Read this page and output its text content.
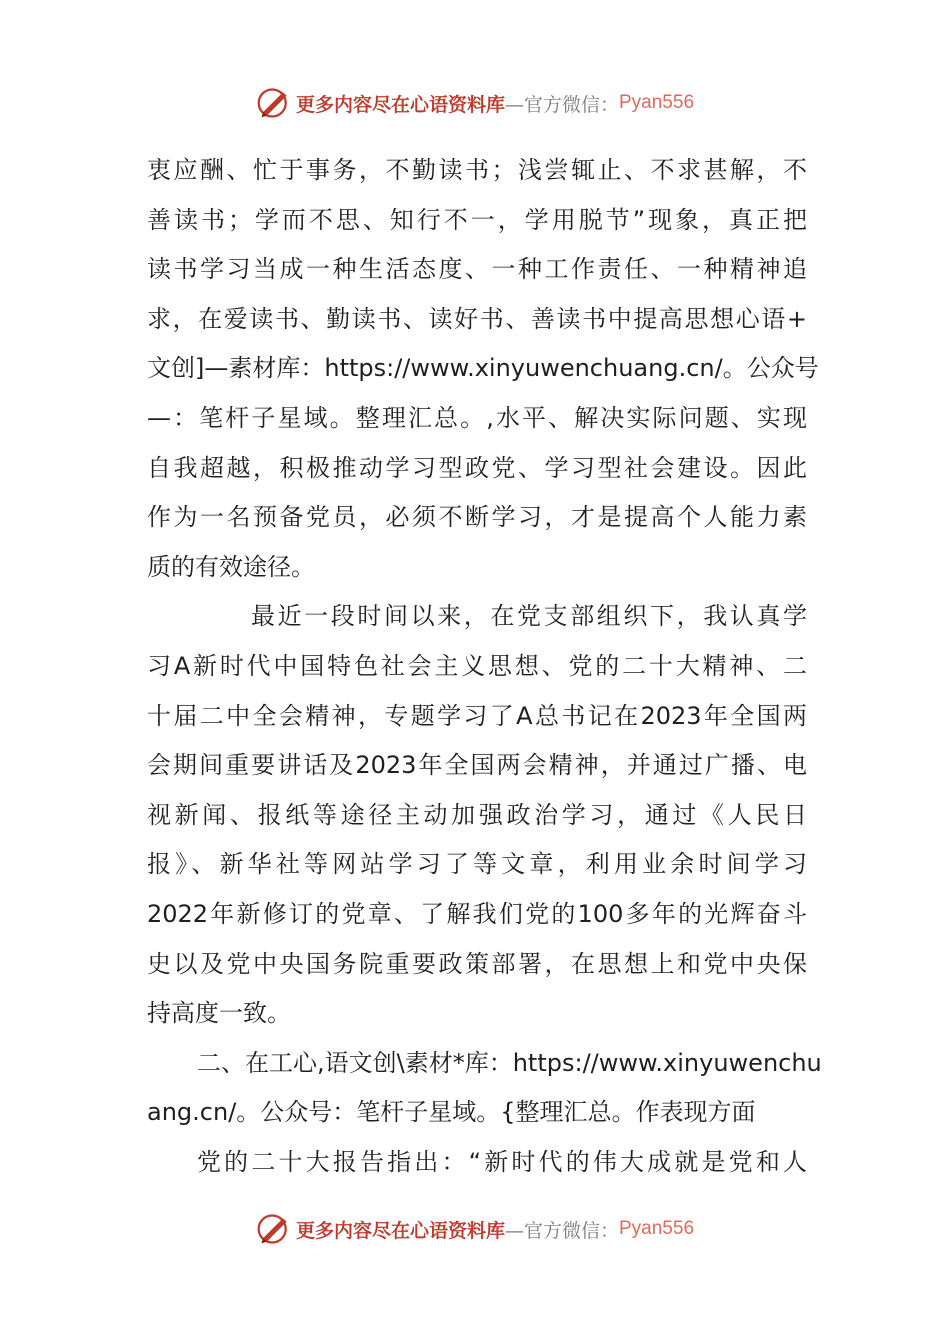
更多内容尽在心语资料库 —官方微信： Pyan556
衷应酬、忙于事务，不勤读书；浅尝辄止、不求甚解，不
善读书；学而不思、知行不一，学用脱节”现象，真正把
读书学习当成一种生活态度、一种工作责任、一种精神追
求，在爱读书、勤读书、读好书、善读书中提高思想心语+
文创]—素材库：https://www.xinyuwenchuang.cn/。公众号
—：笔杆子星域。整理汇总。,水平、解决实际问题、实现
自我超越，积极推动学习型政党、学习型社会建设。因此
作为一名预备党员，必须不断学习，才是提高个人能力素
质的有效途径。
最近一段时间以来，在党支部组织下，我认真学
习A新时代中国特色社会主义思想、党的二十大精神、二
十届二中全会精神，专题学习了A总书记在2023年全国两
会期间重要讲话及2023年全国两会精神，并通过广播、电
视新闻、报纸等途径主动加强政治学习，通过《人民日
报》、新华社等网站学习了等文章，利用业余时间学习
2022年新修订的党章、了解我们党的100多年的光辉奋斗
史以及党中央国务院重要政策部署，在思想上和党中央保
持高度一致。
二、在工心,语文创\素材*库：https://www.xinyuwenchu
ang.cn/。公众号：笔杆子星域。{整理汇总。作表现方面
党的二十大报告指出：“新时代的伟大成就是党和人
更多内容尽在心语资料库 —官方微信： Pyan556
